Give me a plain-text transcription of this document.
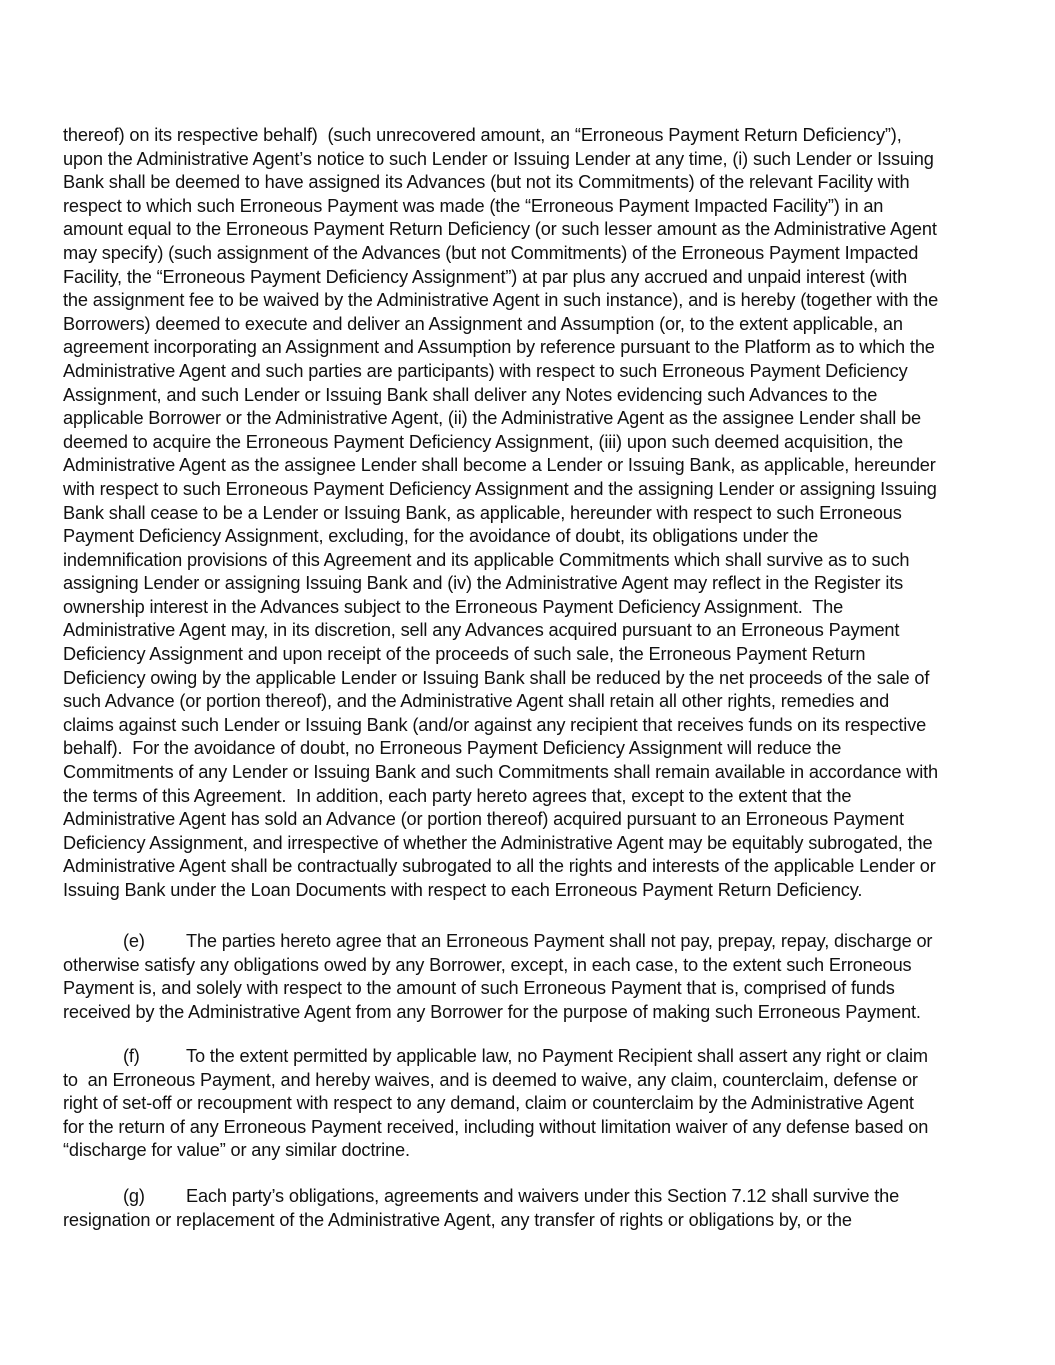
thereof) on its respective behalf)  (such unrecovered amount, an “Erroneous Payment Return Deficiency”),
upon the Administrative Agent’s notice to such Lender or Issuing Lender at any time, (i) such Lender or Issuing
Bank shall be deemed to have assigned its Advances (but not its Commitments) of the relevant Facility with
respect to which such Erroneous Payment was made (the “Erroneous Payment Impacted Facility”) in an
amount equal to the Erroneous Payment Return Deficiency (or such lesser amount as the Administrative Agent
may specify) (such assignment of the Advances (but not Commitments) of the Erroneous Payment Impacted
Facility, the “Erroneous Payment Deficiency Assignment”) at par plus any accrued and unpaid interest (with
the assignment fee to be waived by the Administrative Agent in such instance), and is hereby (together with the
Borrowers) deemed to execute and deliver an Assignment and Assumption (or, to the extent applicable, an
agreement incorporating an Assignment and Assumption by reference pursuant to the Platform as to which the
Administrative Agent and such parties are participants) with respect to such Erroneous Payment Deficiency
Assignment, and such Lender or Issuing Bank shall deliver any Notes evidencing such Advances to the
applicable Borrower or the Administrative Agent, (ii) the Administrative Agent as the assignee Lender shall be
deemed to acquire the Erroneous Payment Deficiency Assignment, (iii) upon such deemed acquisition, the
Administrative Agent as the assignee Lender shall become a Lender or Issuing Bank, as applicable, hereunder
with respect to such Erroneous Payment Deficiency Assignment and the assigning Lender or assigning Issuing
Bank shall cease to be a Lender or Issuing Bank, as applicable, hereunder with respect to such Erroneous
Payment Deficiency Assignment, excluding, for the avoidance of doubt, its obligations under the
indemnification provisions of this Agreement and its applicable Commitments which shall survive as to such
assigning Lender or assigning Issuing Bank and (iv) the Administrative Agent may reflect in the Register its
ownership interest in the Advances subject to the Erroneous Payment Deficiency Assignment.  The
Administrative Agent may, in its discretion, sell any Advances acquired pursuant to an Erroneous Payment
Deficiency Assignment and upon receipt of the proceeds of such sale, the Erroneous Payment Return
Deficiency owing by the applicable Lender or Issuing Bank shall be reduced by the net proceeds of the sale of
such Advance (or portion thereof), and the Administrative Agent shall retain all other rights, remedies and
claims against such Lender or Issuing Bank (and/or against any recipient that receives funds on its respective
behalf).  For the avoidance of doubt, no Erroneous Payment Deficiency Assignment will reduce the
Commitments of any Lender or Issuing Bank and such Commitments shall remain available in accordance with
the terms of this Agreement.  In addition, each party hereto agrees that, except to the extent that the
Administrative Agent has sold an Advance (or portion thereof) acquired pursuant to an Erroneous Payment
Deficiency Assignment, and irrespective of whether the Administrative Agent may be equitably subrogated, the
Administrative Agent shall be contractually subrogated to all the rights and interests of the applicable Lender or
Issuing Bank under the Loan Documents with respect to each Erroneous Payment Return Deficiency.

(e) The parties hereto agree that an Erroneous Payment shall not pay, prepay, repay, discharge or
otherwise satisfy any obligations owed by any Borrower, except, in each case, to the extent such Erroneous
Payment is, and solely with respect to the amount of such Erroneous Payment that is, comprised of funds
received by the Administrative Agent from any Borrower for the purpose of making such Erroneous Payment.

(f)	To the extent permitted by applicable law, no Payment Recipient shall assert any right or claim
to  an Erroneous Payment, and hereby waives, and is deemed to waive, any claim, counterclaim, defense or
right of set-off or recoupment with respect to any demand, claim or counterclaim by the Administrative Agent
for the return of any Erroneous Payment received, including without limitation waiver of any defense based on
“discharge for value” or any similar doctrine.

(g) Each party’s obligations, agreements and waivers under this Section 7.12 shall survive the
resignation or replacement of the Administrative Agent, any transfer of rights or obligations by, or the
